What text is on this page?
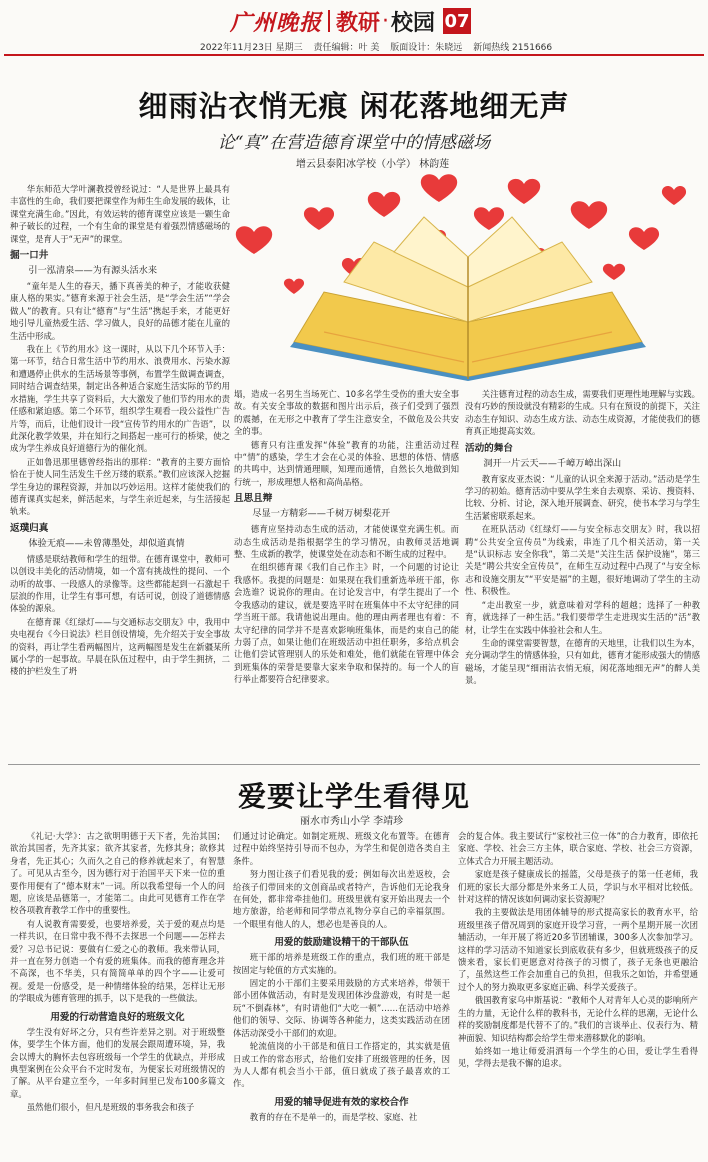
广州晚报 教研 · 校园 07
2022年11月23日 星期三 责任编辑：叶 美 版面设计：朱晓远 新闻热线 2151666
细雨沾衣悄无痕 闲花落地细无声
论“真”在营造德育课堂中的情感磁场
增云县泰阳冰学校（小学） 林韵莲

华东师范大学叶澜教授曾经说过：“人是世界上最具有丰富性的生命，我们要把课堂作为师生生命发展的载体，让课堂充满生命。”因此，有效运转的德育课堂应该是一颗生命种子破长的过程，一个有生命的课堂是有着强烈情感磁场的课堂，是育人于“无声”的课堂。

掘一口井

引一泓清泉——为有源头活水来

“童年是人生的春天，播下真善美的种子，才能收获健康人格的果实。”德育来源于社会生活，是“学会生活”“学会做人”的教育。只有让“德育”与“生活”携起手来，才能更好地引导儿童热爱生活、学习做人，良好的品德才能在儿童的生活中形成。

我在上《节约用水》这一课时，从以下几个环节入手：第一环节，结合日常生活中节约用水、浪费用水、污染水源和遭遇停止供水的生活场景等事例，布置学生做调查调查，同时结合调查结果，制定出各种适合家庭生活实际的节约用水措施，学生共享了资料后，大大激发了他们节约用水的责任感和紧迫感。第二个环节，组织学生观看一段公益性广告片等，而后，让他们设计一段“宣传节约用水的广告语”，以此深化教学效果，并在知行之间搭起一座可行的桥梁，使之成为学生养成良好道德行为的催化剂。

正如鲁迅那里德曾经指出的那样：“教育的主要方面恰恰在于使人同生活发生千丝万缕的联系。”教们应该深入挖掘学生身边的课程资源，并加以巧妙运用。这样才能使我们的德育课真实起来，鲜活起来，与学生亲近起来，与生活接起轨来。

返璞归真

体验无痕——未曾薄墨处，却似道真情

情感是联结教师和学生的纽带。在德育课堂中，教师可以创设丰美化的活动情境，如一个富有挑战性的提问、一个动听的故事、一段感人的录像等。这些都能起到一石激起千层浪的作用，让学生有事可想，有话可说，创设了道德情感体验的源泉。

在德育课《红绿灯——与交通标志交朋友》中，我用中央电视台《今日说法》栏目创设情境，先介绍关于安全事故的资料，再让学生看两幅图片，这两幅图是发生在新疆某所属小学的一起事故。早晨在队伍过程中，由于学生拥挤，二楼的护栏发生了坍

塌，造成一名男生当场死亡、10多名学生受伤的重大安全事故。有关安全事故的数据和图片出示后，孩子们受到了强烈的震撼，在无形之中教育了学生注意安全，不做危及公共安全的事。

德育只有注重发挥“体验”教育的功能，注重活动过程中“情”的感染，学生才会在心灵的体验、思想的体悟、情感的共鸣中，达到情通理顺，知理而通情，自然长久地做到知行统一，形成理想人格和高尚品格。

且思且辩

尽显一方精彩——千树万树梨花开

德育应坚持动态生成的活动，才能使课堂充满生机。而动态生成活动是指根据学生的学习情况，由教师灵活地调整、生成新的教学，使课堂处在动态和不断生成的过程中。

在组织德育课《我们自己作主》时，一个问题的讨论让我感怀。我提的问题是：如果现在我们重新选举班干部，你会选谁？说说你的理由。在讨论发言中，有学生提出了一个令我感动的建议，就是要选平时在班集体中不太守纪律的同学当班干部。我请他说出理由。他的理由两者理也有着：不太守纪律的同学并不是喜欢影响班集体，而是约束自己的能力弱了点，如果让他们在班级活动中担任职务，多给点机会让他们尝试管理别人的乐处和难处，他们就能在管理中体会到班集体的荣誉是要靠大家来争取和保持的。每一个人的盲行举止都要符合纪律要求。

关注德育过程的动态生成，需要我们更理性地理解与实践。没有巧妙的预设就没有精彩的生成。只有在预设的前提下，关注动态生存知识、动态生成方法、动态生成资源，才能使我们的德育真正地提高实效。

活动的舞台

洞开一片云天——千嶂万嶂出深山

教育家皮亚杰说：“儿童的认识全来源于活动。”活动是学生学习的初始。德育活动中要从学生来自去观察、采访、搜资料、比较、分析、讨论，深入地开展调查、研究，使书本学习与学生生活紧密联系起来。

在班队活动《红绿灯——与安全标志交朋友》时，我以招聘“公共安全宣传员”为线索，串连了几个相关活动，第一关是“认识标志 安全你我”，第二关是“关注生活 保护设施”，第三关是“聘公共安全宣传员”，在师生互动过程中凸现了“与安全标志和设施交朋友”“平安是福”的主题，很好地调动了学生的主动性、积极性。

“走出教室一步，就意味着对学科的超越；选择了一种教育，就选择了一种生活。”我们要带学生走进现实生活的“活”教材，让学生在实践中体验社会和人生。

生命的课堂需要智慧，在德育的天地里，让我们以生为本，充分调动学生的情感体验，只有如此，德育才能形成强大的情感磁场，才能呈现“细雨沾衣悄无痕，闲花落地细无声”的醉人美景。

爱要让学生看得见
丽水市秀山小学 李靖珍

《礼记·大学》：古之欲明明德于天下者，先治其国；欲治其国者，先齐其家；欲齐其家者，先修其身；欲修其身者，先正其心；久而久之自己的修养就起来了，有智慧了。可见从古至今，因为德行对于治国平天下来一位的重要作用便有了“德本财末”一词。所以我希望每一个人的问题，应该是品德第一，才能第二。由此可见德育工作在学校各项教育教学工作中的重要性。

有人说教育需要爱，也要培养爱，关于爱的观点均是一样共识，在日常中我不得不去探思一个问题——怎样去爱？习总书记说：要做有仁爱之心的教师。我来带认同，并一直在努力创造一个有爱的班集体。而我的德育理念并不高深，也不华美，只有简简单单的四个字——让爱可视。爱是一份感受，是一种情绪体验的结果，怎样让无形的学眼成为德育管理的抓手，以下是我的一些做法。

用爱的行动营造良好的班级文化

学生没有好坏之分，只有些许差异之别。对于班级整体，要学生个体方面，他们的发展会跟周遭环境，异，我会以博大的胸怀去包容班级每一个学生的优缺点，并形成典型案例在公众平台不定时发布，为便家长对班级情况的了解。从平台建立至今，一年多时间里已发布100多篇文章。

虽然他们很小，但凡是班级的事务我会和孩子

们通过讨论确定。如制定班规、班级文化布置等。在德育过程中始终坚持引导而不包办，为学生和促创造各类自主条件。

努力图让孩子们看见我的爱；例如每次出差返校，会给孩子们带回来的文创商品或者特产，告诉他们无论我身在何处，都非常牵挂他们。班级里就有家开始出现去一个地方旅游，给老师和同学带点礼物分享自己的幸福氛围。一个眼里有他人的人，想必也是善良的人。

用爱的鼓励建设精干的干部队伍

班干部的培养是班级工作的重点，我们班的班干部是按固定与轮值的方式实施的。

固定的小干部们主要采用鼓励的方式来培养，带领干部小团体做活动，有时是发现团体沙盘游戏，有时是一起玩“不倒森林”，有时请他们“大吃一顿”……在活动中培养他们的领导、交际、协调等各种能力，这类实践活动在团体活动深受小干部们的欢迎。

轮流值岗的小干部是和值日工作搭定的，其实就是值日或工作的常态形式，给他们安排了班级管理的任务，因为人人都有机会当小干部，值日就成了孩子最喜欢的工作。

用爱的辅导促进有效的家校合作

教育的存在不是单一的，而是学校、家庭、社

会的复合体。我主要试行“家校社三位一体”的合力教育，即依托家庭、学校、社会三方主体，联合家庭、学校、社会三方资源，立体式合力开展主题活动。

家庭是孩子健康成长的摇篮，父母是孩子的第一任老师，我们班的家长大部分都是外来务工人员，学识与水平相对比较低。针对这样的情况该如何调动家长资源呢？

我的主要做法是用团体辅导的形式提高家长的教育水平，给班级里孩子借况周到的家庭开设学习营，一两个星期开展一次团辅活动，一年开展了将近20多节团辅课，300多人次参加学习。这样的学习活动不知道家长到底收获有多少，但就班级孩子的反馈来看，家长们更愿意对待孩子的习惯了，孩子无条也更融洽了，虽然这些工作会加重自己的负担，但我乐之如饴，并希望通过个人的努力换取更多家庭正确、科学关爱孩子。

俄国教育家乌申斯基说：“教师个人对青年人心灵的影响所产生的力量，无论什么样的教科书，无论什么样的思潮，无论什么样的奖励制度都是代替不了的。”我们的言谈举止、仪表行为、精神面貌、知识结构都会给学生带来潜移默化的影响。

始终如一地让师爱涓洒每一个学生的心田，爱让学生看得见，学得去是我不懈的追求。
